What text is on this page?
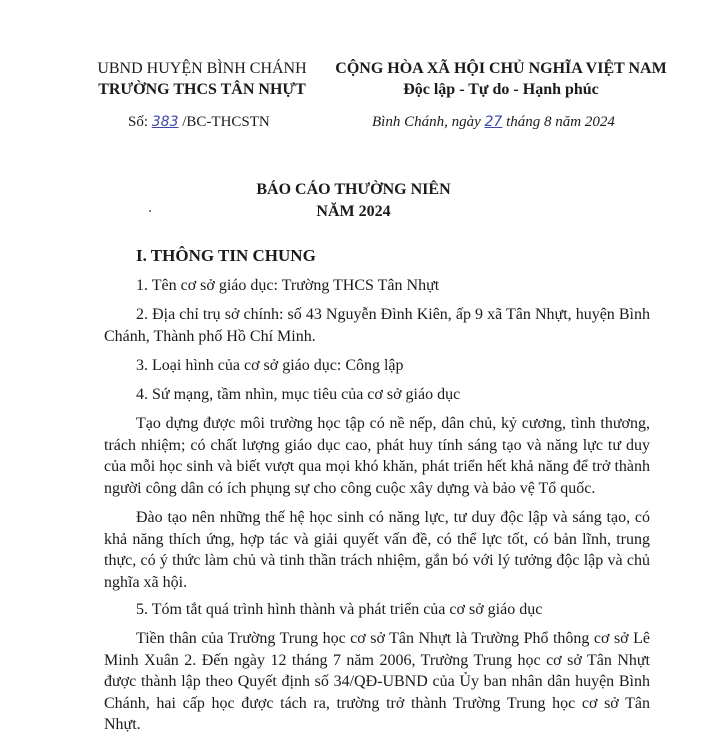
UBND HUYỆN BÌNH CHÁNH
TRƯỜNG THCS TÂN NHỰT
CỘNG HÒA XÃ HỘI CHỦ NGHĨA VIỆT NAM
Độc lập - Tự do - Hạnh phúc
Số: 383 /BC-THCSTN	Bình Chánh, ngày 27 tháng 8 năm 2024
BÁO CÁO THƯỜNG NIÊN
NĂM 2024
I. THÔNG TIN CHUNG
1. Tên cơ sở giáo dục: Trường THCS Tân Nhựt
2. Địa chỉ trụ sở chính: số 43 Nguyễn Đình Kiên, ấp 9 xã Tân Nhựt, huyện Bình Chánh, Thành phố Hồ Chí Minh.
3. Loại hình của cơ sở giáo dục: Công lập
4. Sứ mạng, tầm nhìn, mục tiêu của cơ sở giáo dục
Tạo dựng được môi trường học tập có nề nếp, dân chủ, kỷ cương, tình thương, trách nhiệm; có chất lượng giáo dục cao, phát huy tính sáng tạo và năng lực tư duy của mỗi học sinh và biết vượt qua mọi khó khăn, phát triển hết khả năng để trở thành người công dân có ích phụng sự cho công cuộc xây dựng và bảo vệ Tổ quốc.
Đào tạo nên những thế hệ học sinh có năng lực, tư duy độc lập và sáng tạo, có khả năng thích ứng, hợp tác và giải quyết vấn đề, có thể lực tốt, có bản lĩnh, trung thực, có ý thức làm chủ và tinh thần trách nhiệm, gắn bó với lý tưởng độc lập và chủ nghĩa xã hội.
5. Tóm tắt quá trình hình thành và phát triển của cơ sở giáo dục
Tiền thân của Trường Trung học cơ sở Tân Nhựt là Trường Phổ thông cơ sở Lê Minh Xuân 2. Đến ngày 12 tháng 7 năm 2006, Trường Trung học cơ sở Tân Nhựt được thành lập theo Quyết định số 34/QĐ-UBND của Ủy ban nhân dân huyện Bình Chánh, hai cấp học được tách ra, trường trở thành Trường Trung học cơ sở Tân Nhựt.
